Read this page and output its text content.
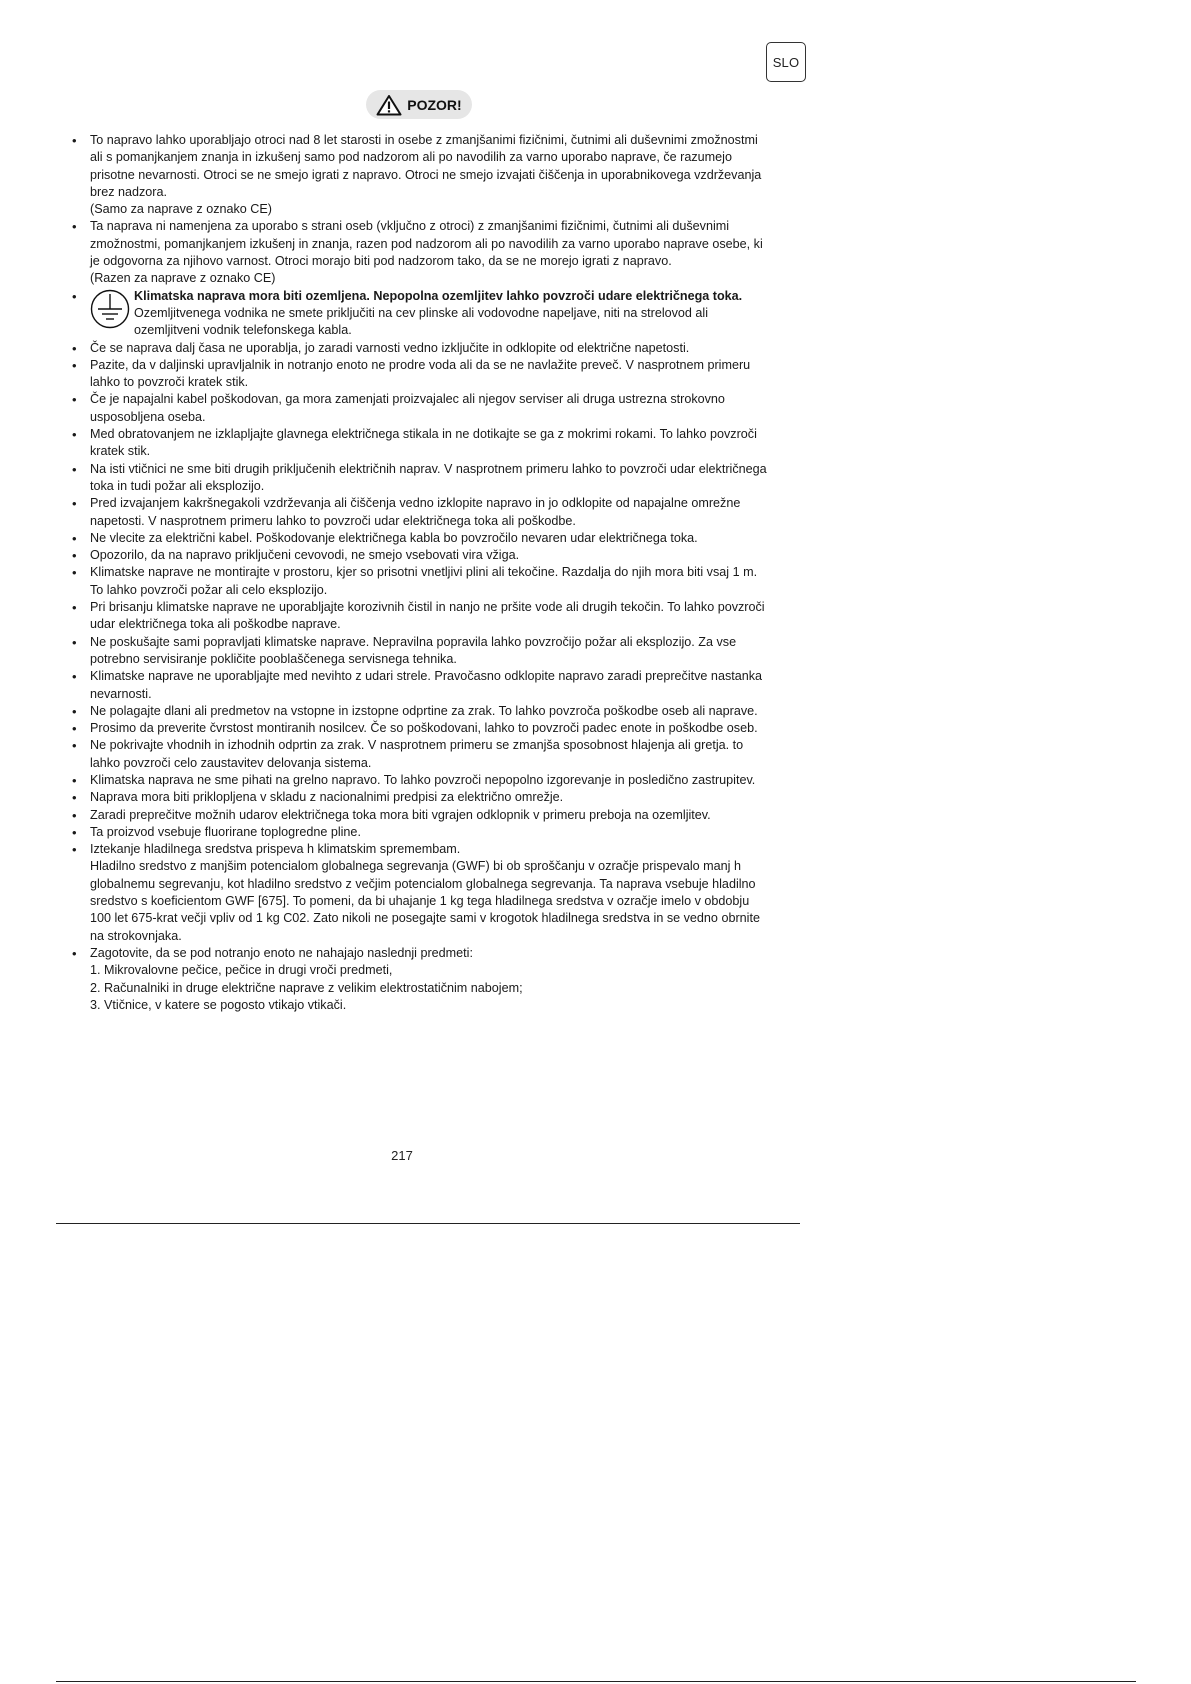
SLO
POZOR!
• To napravo lahko uporabljajo otroci nad 8 let starosti in osebe z zmanjšanimi fizičnimi, čutnimi ali duševnimi zmožnostmi ali s pomanjkanjem znanja in izkušenj samo pod nadzorom ali po navodilih za varno uporabo naprave, če razumejo prisotne nevarnosti. Otroci se ne smejo igrati z napravo. Otroci ne smejo izvajati čiščenja in uporabnikovega vzdrževanja brez nadzora.
(Samo za naprave z oznako CE)
• Ta naprava ni namenjena za uporabo s strani oseb (vključno z otroci) z zmanjšanimi fizičnimi, čutnimi ali duševnimi zmožnostmi, pomanjkanjem izkušenj in znanja, razen pod nadzorom ali po navodilih za varno uporabo naprave osebe, ki je odgovorna za njihovo varnost. Otroci morajo biti pod nadzorom tako, da se ne morejo igrati z napravo.
(Razen za naprave z oznako CE)
• Klimatska naprava mora biti ozemljena. Nepopolna ozemljitev lahko povzroči udare električnega toka.  Ozemljitvenega vodnika ne smete priključiti na cev plinske ali vodovodne napeljave, niti na strelovod ali ozemljitveni vodnik telefonskega kabla.
• Če se naprava dalj časa ne uporablja, jo zaradi varnosti vedno izključite in odklopite od električne napetosti.
• Pazite, da v daljinski upravljalnik in notranjo enoto ne prodre voda ali da se ne navlažite preveč. V nasprotnem primeru lahko to povzroči kratek stik.
• Če je napajalni kabel poškodovan, ga mora zamenjati proizvajalec ali njegov serviser ali druga ustrezna strokovno usposobljena oseba.
• Med obratovanjem ne izklapljajte glavnega električnega stikala in ne dotikajte se ga z mokrimi rokami. To lahko povzroči kratek stik.
• Na isti vtičnici ne sme biti drugih priključenih električnih naprav. V nasprotnem primeru lahko to povzroči udar električnega toka in tudi požar ali eksplozijo.
• Pred izvajanjem kakršnegakoli vzdrževanja ali čiščenja vedno izklopite napravo in jo odklopite od napajalne omrežne napetosti. V nasprotnem primeru lahko to povzroči udar električnega toka ali poškodbe.
• Ne vlecite za električni kabel. Poškodovanje električnega kabla bo povzročilo nevaren udar električnega toka.
• Opozorilo, da na napravo priključeni cevovodi, ne smejo vsebovati vira vžiga.
• Klimatske naprave ne montirajte v prostoru, kjer so prisotni vnetljivi plini ali tekočine. Razdalja do njih mora biti vsaj 1 m. To lahko povzroči požar ali celo eksplozijo.
• Pri brisanju klimatske naprave ne uporabljajte korozivnih čistil in nanjo ne pršite vode ali drugih tekočin. To lahko povzroči udar električnega toka ali poškodbe naprave.
• Ne poskušajte sami popravljati klimatske naprave. Nepravilna popravila lahko povzročijo požar ali eksplozijo. Za vse potrebno servisiranje pokličite pooblaščenega servisnega tehnika.
• Klimatske naprave ne uporabljajte med nevihto z udari strele. Pravočasno odklopite napravo zaradi preprečitve nastanka nevarnosti.
• Ne polagajte dlani ali predmetov na vstopne in izstopne odprtine za zrak. To lahko povzroča poškodbe oseb ali naprave.
• Prosimo da preverite čvrstost montiranih nosilcev. Če so poškodovani, lahko to povzroči padec enote in poškodbe oseb.
• Ne pokrivajte vhodnih in izhodnih odprtin za zrak. V nasprotnem primeru se zmanjša sposobnost hlajenja ali gretja. to lahko povzroči celo zaustavitev delovanja sistema.
• Klimatska naprava ne sme pihati na grelno napravo. To lahko povzroči nepopolno izgorevanje in posledično zastrupitev.
• Naprava mora biti priklopljena v skladu z nacionalnimi predpisi za električno omrežje.
• Zaradi preprečitve možnih udarov električnega toka mora biti vgrajen odklopnik v primeru preboja na ozemljitev.
• Ta proizvod vsebuje fluorirane toplogredne pline.
• Iztekanje hladilnega sredstva prispeva h klimatskim spremembam.
Hladilno sredstvo z manjšim potencialom globalnega segrevanja (GWF) bi ob sproščanju v ozračje prispevalo manj h globalnemu segrevanju, kot hladilno sredstvo z večjim potencialom globalnega segrevanja. Ta naprava vsebuje hladilno sredstvo s koeficientom GWF [675]. To pomeni, da bi uhajanje 1 kg tega hladilnega sredstva v ozračje imelo v obdobju 100 let 675-krat večji vpliv od 1 kg C02. Zato nikoli ne posegajte sami v krogotok hladilnega sredstva in se vedno obrnite na strokovnjaka.
• Zagotovite, da se pod notranjo enoto ne nahajajo naslednji predmeti:
1. Mikrovalovne pečice, pečice in drugi vroči predmeti,
2. Računalniki in druge električne naprave z velikim elektrostatičnim nabojem;
3. Vtičnice, v katere se pogosto vtikajo vtikači.
217
